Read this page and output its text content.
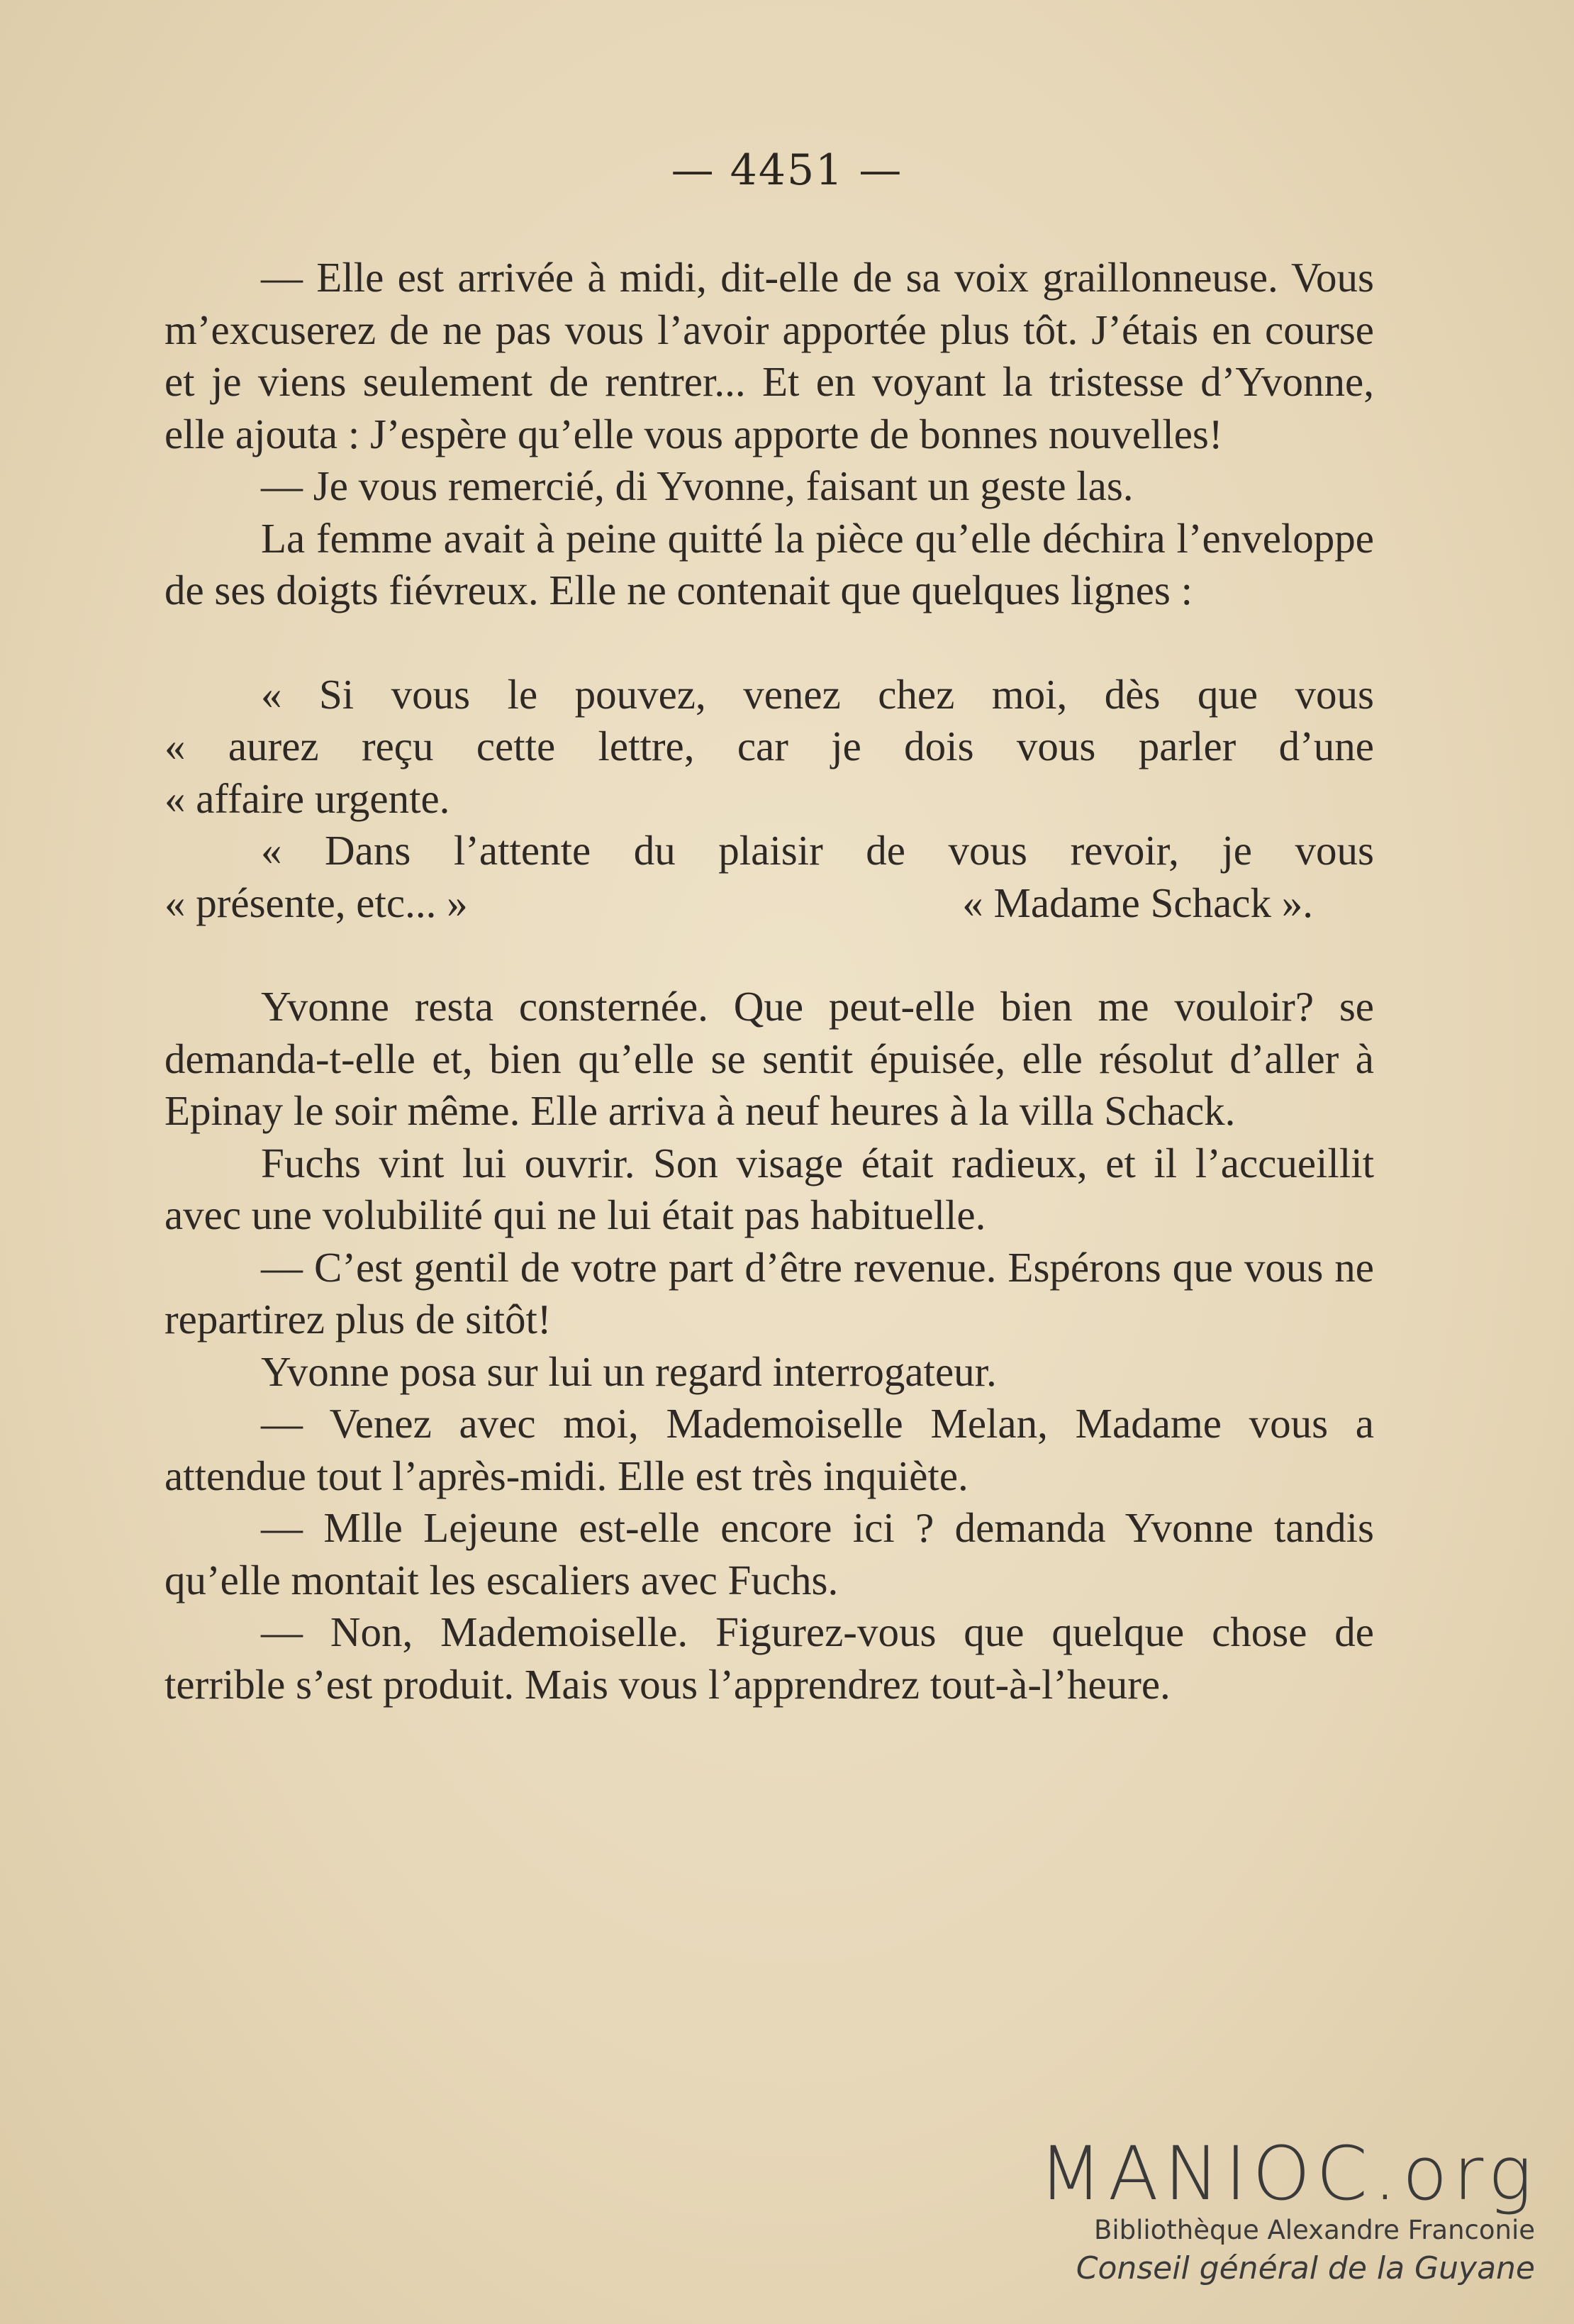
— 4451 —

— Elle est arrivée à midi, dit-elle de sa voix graillonneuse. Vous m’excuserez de ne pas vous l’avoir apportée plus tôt. J’étais en course et je viens seulement de rentrer... Et en voyant la tristesse d’Yvonne, elle ajouta : J’espère qu’elle vous apporte de bonnes nouvelles!

— Je vous remercié, di Yvonne, faisant un geste las.

La femme avait à peine quitté la pièce qu’elle déchira l’enveloppe de ses doigts fiévreux. Elle ne contenait que quelques lignes :

« Si vous le pouvez, venez chez moi, dès que vous

« aurez reçu cette lettre, car je dois vous parler d’une

« affaire urgente.

« Dans l’attente du plaisir de vous revoir, je vous

« présente, etc... »	« Madame Schack ».

Yvonne resta consternée. Que peut-elle bien me vouloir? se demanda-t-elle et, bien qu’elle se sentit épuisée, elle résolut d’aller à Epinay le soir même. Elle arriva à neuf heures à la villa Schack.

Fuchs vint lui ouvrir. Son visage était radieux, et il l’accueillit avec une volubilité qui ne lui était pas habituelle.

— C’est gentil de votre part d’être revenue. Espérons que vous ne repartirez plus de sitôt!

Yvonne posa sur lui un regard interrogateur.

— Venez avec moi, Mademoiselle Melan, Madame vous a attendue tout l’après-midi. Elle est très inquiète.

— Mlle Lejeune est-elle encore ici ? demanda Yvonne tandis qu’elle montait les escaliers avec Fuchs.

— Non, Mademoiselle. Figurez-vous que quelque chose de terrible s’est produit. Mais vous l’apprendrez tout-à-l’heure.

MANIOC.org
Bibliothèque Alexandre Franconie
Conseil général de la Guyane
